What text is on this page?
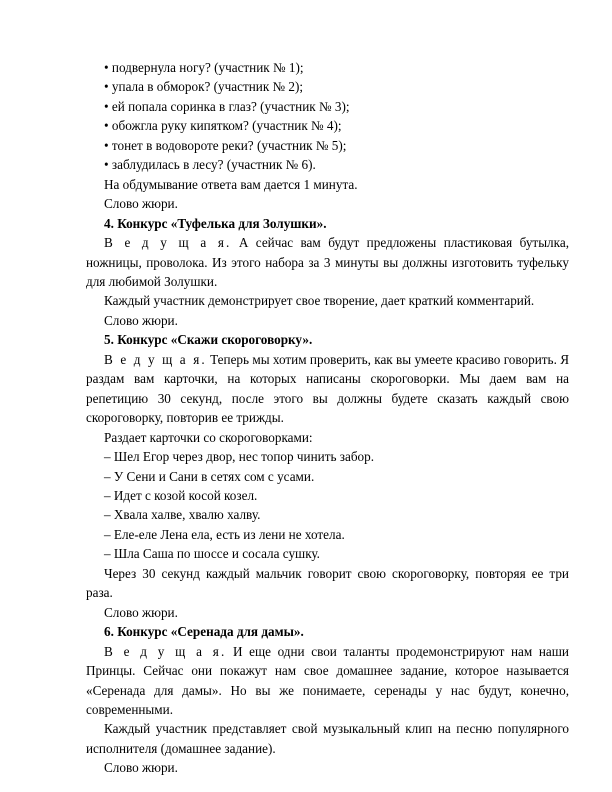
• подвернула ногу? (участник № 1);

• упала в обморок? (участник № 2);

• ей попала соринка в глаз? (участник № 3);

• обожгла руку кипятком? (участник № 4);

• тонет в водовороте реки? (участник № 5);

• заблудилась в лесу? (участник № 6).

На обдумывание ответа вам дается 1 минута.

Слово жюри.

4. Конкурс «Туфелька для Золушки».

В е д у щ а я. А сейчас вам будут предложены пластиковая бутылка, ножницы, проволока. Из этого набора за 3 минуты вы должны изготовить туфельку для любимой Золушки.

Каждый участник демонстрирует свое творение, дает краткий комментарий.

Слово жюри.

5. Конкурс «Скажи скороговорку».

В е д у щ а я. Теперь мы хотим проверить, как вы умеете красиво говорить. Я раздам вам карточки, на которых написаны скороговорки. Мы даем вам на репетицию 30 секунд, после этого вы должны будете сказать каждый свою скороговорку, повторив ее трижды.

Раздает карточки со скороговорками:

– Шел Егор через двор, нес топор чинить забор.

– У Сени и Сани в сетях сом с усами.

– Идет с козой косой козел.

– Хвала халве, хвалю халву.

– Еле-еле Лена ела, есть из лени не хотела.

– Шла Саша по шоссе и сосала сушку.

Через 30 секунд каждый мальчик говорит свою скороговорку, повторяя ее три раза.

Слово жюри.

6. Конкурс «Серенада для дамы».

В е д у щ а я. И еще одни свои таланты продемонстрируют нам наши Принцы. Сейчас они покажут нам свое домашнее задание, которое называется «Серенада для дамы». Но вы же понимаете, серенады у нас будут, конечно, современными.

Каждый участник представляет свой музыкальный клип на песню популярного исполнителя (домашнее задание).

Слово жюри.
